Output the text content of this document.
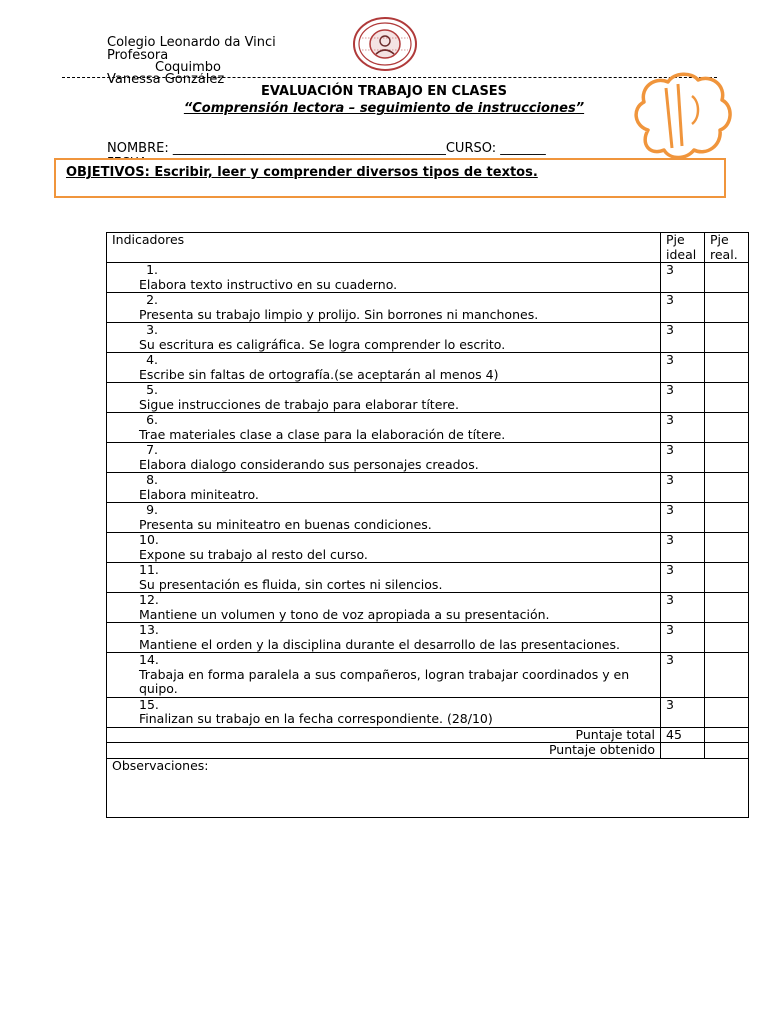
Colegio Leonardo da Vinci
Profesora
Coquimbo
Vanessa González
EVALUACIÓN TRABAJO EN CLASES
“Comprensión lectora – seguimiento de instrucciones”
NOMBRE: __________________________________________CURSO: _______
OBJETIVOS: Escribir, leer y comprender diversos tipos de textos.
Indicadores	Pje ideal	Pje real.
1.Elabora texto instructivo en su cuaderno.	3	
2.Presenta su trabajo limpio y prolijo. Sin borrones ni manchones.	3	
3.Su escritura es caligráfica. Se logra comprender lo escrito.	3	
4.Escribe sin faltas de ortografía.(se aceptarán al menos 4)	3	
5.Sigue instrucciones de trabajo para elaborar títere.	3	
6.Trae materiales clase a clase para la elaboración de títere.	3	
7.Elabora dialogo considerando sus personajes creados.	3	
8.Elabora miniteatro.	3	
9.Presenta su miniteatro en buenas condiciones.	3	
10.Expone su trabajo al resto del curso.	3	
11.Su presentación es fluida, sin cortes ni silencios.	3	
12.Mantiene un volumen y tono de voz apropiada a su presentación.	3	
13.Mantiene el orden y la disciplina durante el desarrollo de las presentaciones.	3	
14.Trabaja en forma paralela a sus compañeros, logran trabajar coordinados y en quipo.	3	
15.Finalizan su trabajo en la fecha correspondiente. (28/10)	3	
Puntaje total	45	
Puntaje obtenido		
Observaciones:		
